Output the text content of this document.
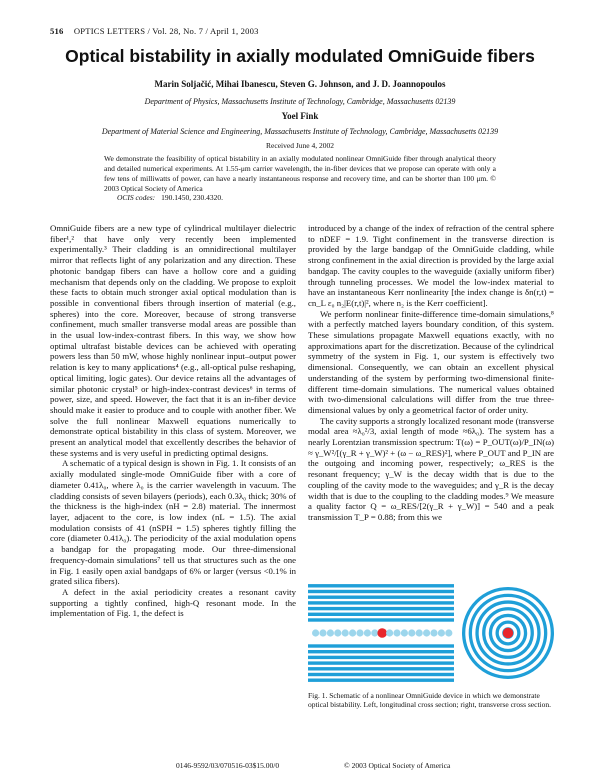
516 OPTICS LETTERS / Vol. 28, No. 7 / April 1, 2003
Optical bistability in axially modulated OmniGuide fibers
Marin Soljačić, Mihai Ibanescu, Steven G. Johnson, and J. D. Joannopoulos
Department of Physics, Massachusetts Institute of Technology, Cambridge, Massachusetts 02139
Yoel Fink
Department of Material Science and Engineering, Massachusetts Institute of Technology, Cambridge, Massachusetts 02139
Received June 4, 2002
We demonstrate the feasibility of optical bistability in an axially modulated nonlinear OmniGuide fiber through analytical theory and detailed numerical experiments. At 1.55-μm carrier wavelength, the in-fiber devices that we propose can operate with only a few tens of milliwatts of power, can have a nearly instantaneous response and recovery time, and can be shorter than 100 μm. © 2003 Optical Society of America
OCIS codes: 190.1450, 230.4320.

OmniGuide fibers are a new type of cylindrical multilayer dielectric fiber¹,² that have only very recently been implemented experimentally.³ Their cladding is an omnidirectional multilayer mirror that reflects light of any polarization and any direction. These photonic bandgap fibers can have a hollow core and a guiding mechanism that depends only on the cladding. We propose to exploit these facts to obtain much stronger axial optical modulation than is possible in conventional fibers through insertion of material (e.g., spheres) into the core. Moreover, because of strong transverse confinement, much smaller transverse modal areas are possible than in the usual low-index-contrast fibers. In this way, we show how optimal ultrafast bistable devices can be achieved with operating powers less than 50 mW, whose highly nonlinear input–output power relation is key to many applications⁴ (e.g., all-optical pulse reshaping, optical limiting, logic gates). Our device retains all the advantages of similar photonic crystal⁵ or high-index-contrast devices⁶ in terms of power, size, and speed. However, the fact that it is an in-fiber device should make it easier to produce and to couple with another fiber. We solve the full nonlinear Maxwell equations numerically to demonstrate optical bistability in this class of system. Moreover, we present an analytical model that excellently describes the behavior of these systems and is very useful in predicting optimal designs.

A schematic of a typical design is shown in Fig. 1. It consists of an axially modulated single-mode OmniGuide fiber with a core of diameter 0.41λ₀, where λ₀ is the carrier wavelength in vacuum. The cladding consists of seven bilayers (periods), each 0.3λ₀ thick; 30% of the thickness is the high-index (nH = 2.8) material. The innermost layer, adjacent to the core, is low index (nL = 1.5). The axial modulation consists of 41 (nSPH = 1.5) spheres tightly filling the core (diameter 0.41λ₀). The periodicity of the axial modulation opens a bandgap for the propagating mode. Our three-dimensional frequency-domain simulations⁷ tell us that structures such as the one in Fig. 1 easily open axial bandgaps of 6% or larger (versus <0.1% in grated silica fibers).

A defect in the axial periodicity creates a resonant cavity supporting a tightly confined, high-Q resonant mode. In the implementation of Fig. 1, the defect is

introduced by a change of the index of refraction of the central sphere to nDEF = 1.9. Tight confinement in the transverse direction is provided by the large bandgap of the OmniGuide cladding, while strong confinement in the axial direction is provided by the large axial bandgap. The cavity couples to the waveguide (axially uniform fiber) through tunneling processes. We model the low-index material to have an instantaneous Kerr nonlinearity [the index change is δn(r,t) = cn_L ε₀ n₂|E(r,t)|², where n₂ is the Kerr coefficient].

We perform nonlinear finite-difference time-domain simulations,⁸ with a perfectly matched layers boundary condition, of this system. These simulations propagate Maxwell equations exactly, with no approximations apart for the discretization. Because of the cylindrical symmetry of the system in Fig. 1, our system is effectively two dimensional. Consequently, we can obtain an excellent physical understanding of the system by performing two-dimensional finite-different time-domain simulations. The numerical values obtained with two-dimensional calculations will differ from the true three-dimensional values by only a geometrical factor of order unity.

The cavity supports a strongly localized resonant mode (transverse modal area ≈λ₀²/3, axial length of mode ≈6λ₀). The system has a nearly Lorentzian transmission spectrum: T(ω) = P_OUT(ω)/P_IN(ω) ≈ γ_W²/[(γ_R + γ_W)² + (ω − ω_RES)²], where P_OUT and P_IN are the outgoing and incoming power, respectively; ω_RES is the resonant frequency; γ_W is the decay width that is due to the coupling of the cavity mode to the waveguides; and γ_R is the decay width that is due to the coupling to the cladding modes.⁹ We measure a quality factor Q = ω_RES/[2(γ_R + γ_W)] = 540 and a peak transmission T_P = 0.88; from this we

Fig. 1. Schematic of a nonlinear OmniGuide device in which we demonstrate optical bistability. Left, longitudinal cross section; right, transverse cross section.
0146-9592/03/070516-03$15.00/0	© 2003 Optical Society of America
